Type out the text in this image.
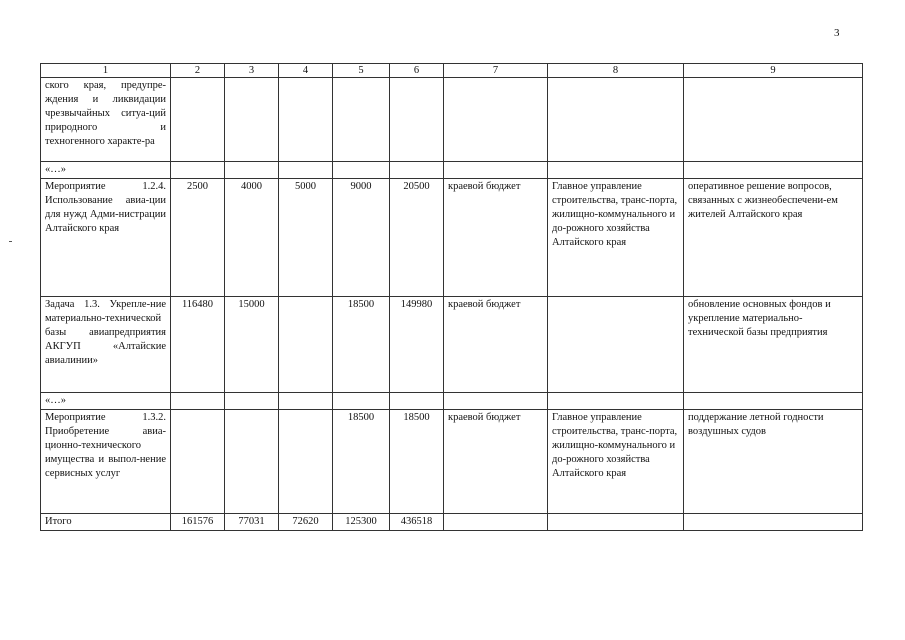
3
1	2	3	4	5	6	7	8	9
ского края, предупре-ждения и ликвидации чрезвычайных ситуа-ций природного и техногенного характе-ра								
«…»								
Мероприятие 1.2.4. Использование авиа-ции для нужд Адми-нистрации Алтайского края	2500	4000	5000	9000	20500	краевой бюджет	Главное управление строительства, транс-порта, жилищно-коммунального и до-рожного хозяйства Алтайского края	оперативное решение вопросов, связанных с жизнеобеспечени-ем жителей Алтайского края
Задача 1.3. Укрепле-ние материально-технической базы авиапредприятия АКГУП «Алтайские авиалинии»	116480	15000		18500	149980	краевой бюджет		обновление основных фондов и укрепление материально-технической базы предприятия
«…»								
Мероприятие 1.3.2. Приобретение авиа-ционно-технического имущества и выпол-нение сервисных услуг				18500	18500	краевой бюджет	Главное управление строительства, транс-порта, жилищно-коммунального и до-рожного хозяйства Алтайского края	поддержание летной годности воздушных судов
Итого	161576	77031	72620	125300	436518			
